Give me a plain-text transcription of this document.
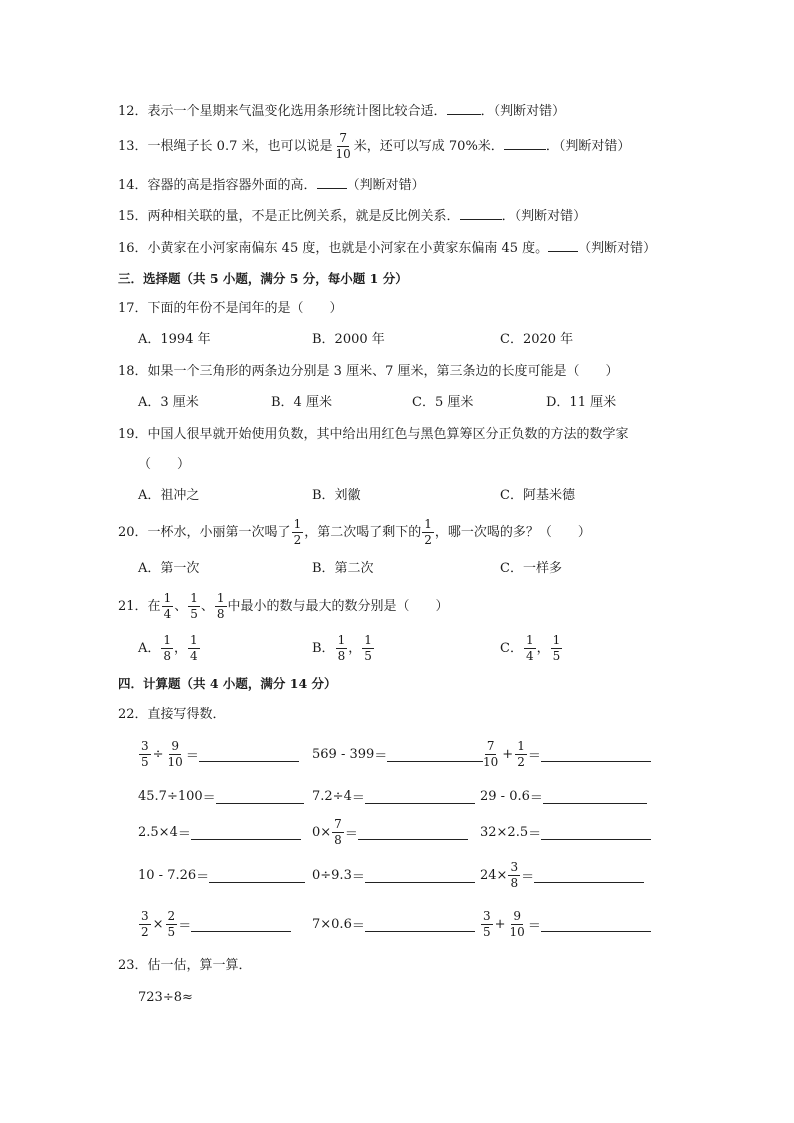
12．表示一个星期来气温变化选用条形统计图比较合适．	．（判断对错）
13．一根绳子长 0.7 米，也可以说是 $\frac{7}{10}$ 米，还可以写成 70%米．	．（判断对错）
14．容器的高是指容器外面的高． （判断对错）
15．两种相关联的量，不是正比例关系，就是反比例关系．	．（判断对错）
16．小黄家在小河家南偏东 45 度，也就是小河家在小黄家东偏南 45 度。 （判断对错）
三．选择题（共 5 小题，满分 5 分，每小题 1 分）
17．下面的年份不是闰年的是（　　）
A．1994 年	B．2000 年	C．2020 年
18．如果一个三角形的两条边分别是 3 厘米、7 厘米，第三条边的长度可能是（　　）
A．3 厘米	B．4 厘米	C．5 厘米	D．11 厘米
19．中国人很早就开始使用负数，其中给出用红色与黑色算筹区分正负数的方法的数学家
（　　）
A．祖冲之	B．刘徽	C．阿基米德
20．一杯水，小丽第一次喝了 $\frac{1}{2}$ ，第二次喝了剩下的 $\frac{1}{2}$ ，哪一次喝的多？（　　）
A．第一次	B．第二次	C．一样多
21．在 $\frac{1}{4}$ 、 $\frac{1}{5}$ 、 $\frac{1}{8}$ 中最小的数与最大的数分别是（　　）
A． $\frac{1}{8}$ ， $\frac{1}{4}$	B． $\frac{1}{8}$ ， $\frac{1}{5}$	C． $\frac{1}{4}$ ， $\frac{1}{5}$
四．计算题（共 4 小题，满分 14 分）
22．直接写得数．
$\frac{3}{5} \div \frac{9}{10}$ ＝	569 - 399 ＝	$\frac{7}{10} + \frac{1}{2}$ ＝
45.7÷100 ＝	7.2÷4 ＝	29 - 0.6 ＝
2.5×4 ＝	$0\times \frac{7}{8}$ ＝	32×2.5 ＝
10 - 7.26 ＝	0÷9.3 ＝	$24\times \frac{3}{8}$ ＝
$\frac{3}{2} \times \frac{2}{5}$ ＝	7×0.6 ＝	$\frac{3}{5} + \frac{9}{10}$ ＝
23．估一估，算一算．
723÷8≈
